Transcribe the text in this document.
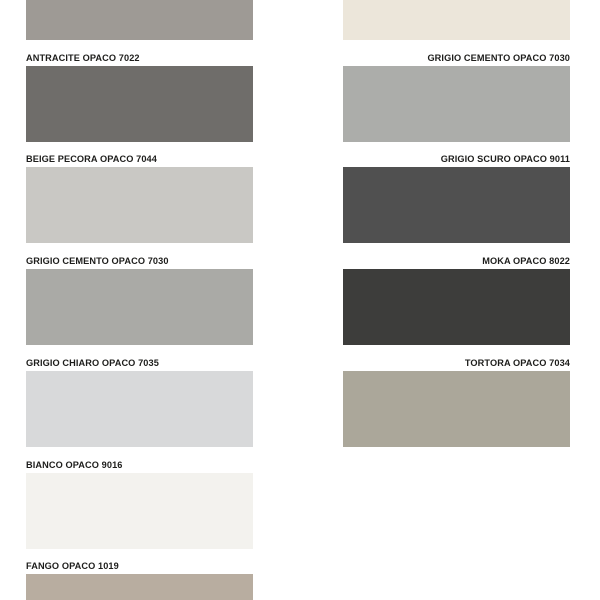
ANTRACITE OPACO 7022
BEIGE PECORA OPACO 7044
GRIGIO CEMENTO OPACO 7030
GRIGIO CHIARO OPACO 7035
BIANCO OPACO 9016
FANGO OPACO 1019
GRIGIO CEMENTO OPACO 7030
GRIGIO SCURO OPACO 9011
MOKA OPACO 8022
TORTORA OPACO 7034
